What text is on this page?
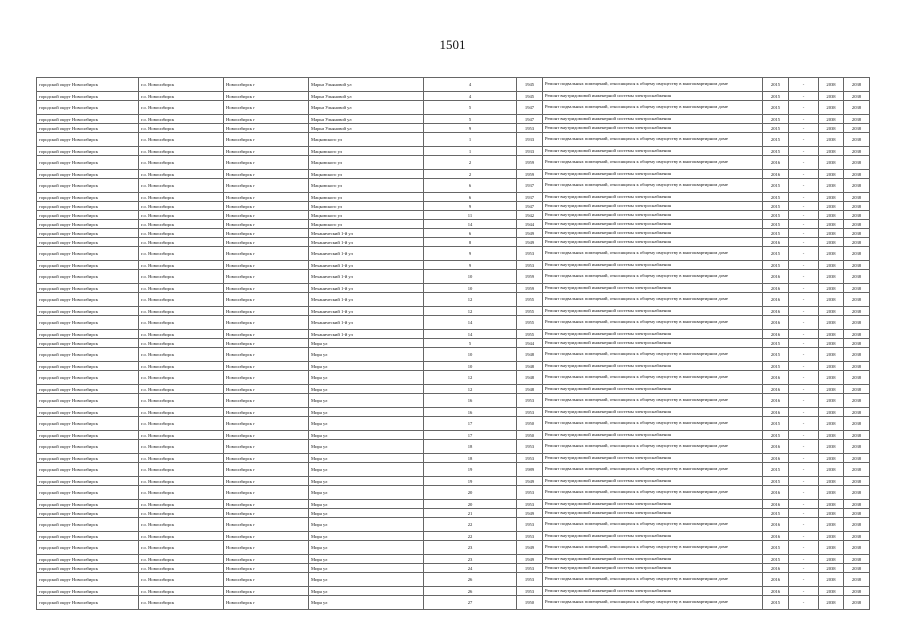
1501
городской округ Новосибирск	г.о. Новосибирск	Новосибирск г	Марьи Ульяновой ул	4	1945	Ремонт подвальных помещений, относящихся к общему имуществу в многоквартирном доме	2015	-	2038	2038
городской округ Новосибирск	г.о. Новосибирск	Новосибирск г	Марьи Ульяновой ул	4	1945	Ремонт внутридомовой инженерной системы электроснабжения	2015	-	2038	2038
городской округ Новосибирск	г.о. Новосибирск	Новосибирск г	Марьи Ульяновой ул	5	1947	Ремонт подвальных помещений, относящихся к общему имуществу в многоквартирном доме	2015	-	2038	2038
городской округ Новосибирск	г.о. Новосибирск	Новосибирск г	Марьи Ульяновой ул	5	1947	Ремонт внутридомовой инженерной системы электроснабжения	2015	-	2038	2038
городской округ Новосибирск	г.о. Новосибирск	Новосибирск г	Марьи Ульяновой ул	9	1953	Ремонт внутридомовой инженерной системы электроснабжения	2015	-	2038	2038
городской округ Новосибирск	г.о. Новосибирск	Новосибирск г	Мацковского ул	1	1933	Ремонт подвальных помещений, относящихся к общему имуществу в многоквартирном доме	2015	-	2038	2038
городской округ Новосибирск	г.о. Новосибирск	Новосибирск г	Мацковского ул	1	1933	Ремонт внутридомовой инженерной системы электроснабжения	2015	-	2038	2038
городской округ Новосибирск	г.о. Новосибирск	Новосибирск г	Мацковского ул	2	1959	Ремонт подвальных помещений, относящихся к общему имуществу в многоквартирном доме	2016	-	2038	2038
городской округ Новосибирск	г.о. Новосибирск	Новосибирск г	Мацковского ул	2	1959	Ремонт внутридомовой инженерной системы электроснабжения	2016	-	2038	2038
городской округ Новосибирск	г.о. Новосибирск	Новосибирск г	Мацковского ул	6	1937	Ремонт подвальных помещений, относящихся к общему имуществу в многоквартирном доме	2015	-	2038	2038
городской округ Новосибирск	г.о. Новосибирск	Новосибирск г	Мацковского ул	6	1937	Ремонт внутридомовой инженерной системы электроснабжения	2015	-	2038	2038
городской округ Новосибирск	г.о. Новосибирск	Новосибирск г	Мацковского ул	9	1947	Ремонт внутридомовой инженерной системы электроснабжения	2015	-	2038	2038
городской округ Новосибирск	г.о. Новосибирск	Новосибирск г	Мацковского ул	11	1942	Ремонт внутридомовой инженерной системы электроснабжения	2015	-	2038	2038
городской округ Новосибирск	г.о. Новосибирск	Новосибирск г	Мацковского ул	14	1944	Ремонт внутридомовой инженерной системы электроснабжения	2015	-	2038	2038
городской округ Новосибирск	г.о. Новосибирск	Новосибирск г	Механический 1-й ул	6	1949	Ремонт внутридомовой инженерной системы электроснабжения	2015	-	2038	2038
городской округ Новосибирск	г.о. Новосибирск	Новосибирск г	Механический 1-й ул	8	1949	Ремонт внутридомовой инженерной системы электроснабжения	2016	-	2038	2038
городской округ Новосибирск	г.о. Новосибирск	Новосибирск г	Механический 1-й ул	9	1953	Ремонт подвальных помещений, относящихся к общему имуществу в многоквартирном доме	2015	-	2038	2038
городской округ Новосибирск	г.о. Новосибирск	Новосибирск г	Механический 1-й ул	9	1953	Ремонт внутридомовой инженерной системы электроснабжения	2015	-	2038	2038
городской округ Новосибирск	г.о. Новосибирск	Новосибирск г	Механический 1-й ул	10	1959	Ремонт подвальных помещений, относящихся к общему имуществу в многоквартирном доме	2016	-	2038	2038
городской округ Новосибирск	г.о. Новосибирск	Новосибирск г	Механический 1-й ул	10	1959	Ремонт внутридомовой инженерной системы электроснабжения	2016	-	2038	2038
городской округ Новосибирск	г.о. Новосибирск	Новосибирск г	Механический 1-й ул	12	1955	Ремонт подвальных помещений, относящихся к общему имуществу в многоквартирном доме	2016	-	2038	2038
городской округ Новосибирск	г.о. Новосибирск	Новосибирск г	Механический 1-й ул	12	1955	Ремонт внутридомовой инженерной системы электроснабжения	2016	-	2038	2038
городской округ Новосибирск	г.о. Новосибирск	Новосибирск г	Механический 1-й ул	14	1955	Ремонт подвальных помещений, относящихся к общему имуществу в многоквартирном доме	2016	-	2038	2038
городской округ Новосибирск	г.о. Новосибирск	Новосибирск г	Механический 1-й ул	14	1955	Ремонт внутридомовой инженерной системы электроснабжения	2016	-	2038	2038
городской округ Новосибирск	г.о. Новосибирск	Новосибирск г	Мира ул	5	1944	Ремонт внутридомовой инженерной системы электроснабжения	2015	-	2038	2038
городской округ Новосибирск	г.о. Новосибирск	Новосибирск г	Мира ул	10	1948	Ремонт подвальных помещений, относящихся к общему имуществу в многоквартирном доме	2015	-	2038	2038
городской округ Новосибирск	г.о. Новосибирск	Новосибирск г	Мира ул	10	1948	Ремонт внутридомовой инженерной системы электроснабжения	2015	-	2038	2038
городской округ Новосибирск	г.о. Новосибирск	Новосибирск г	Мира ул	12	1948	Ремонт подвальных помещений, относящихся к общему имуществу в многоквартирном доме	2016	-	2038	2038
городской округ Новосибирск	г.о. Новосибирск	Новосибирск г	Мира ул	12	1948	Ремонт внутридомовой инженерной системы электроснабжения	2016	-	2038	2038
городской округ Новосибирск	г.о. Новосибирск	Новосибирск г	Мира ул	16	1953	Ремонт подвальных помещений, относящихся к общему имуществу в многоквартирном доме	2016	-	2038	2038
городской округ Новосибирск	г.о. Новосибирск	Новосибирск г	Мира ул	16	1953	Ремонт внутридомовой инженерной системы электроснабжения	2016	-	2038	2038
городской округ Новосибирск	г.о. Новосибирск	Новосибирск г	Мира ул	17	1950	Ремонт подвальных помещений, относящихся к общему имуществу в многоквартирном доме	2015	-	2038	2038
городской округ Новосибирск	г.о. Новосибирск	Новосибирск г	Мира ул	17	1950	Ремонт внутридомовой инженерной системы электроснабжения	2015	-	2038	2038
городской округ Новосибирск	г.о. Новосибирск	Новосибирск г	Мира ул	18	1953	Ремонт подвальных помещений, относящихся к общему имуществу в многоквартирном доме	2016	-	2038	2038
городской округ Новосибирск	г.о. Новосибирск	Новосибирск г	Мира ул	18	1953	Ремонт внутридомовой инженерной системы электроснабжения	2016	-	2038	2038
городской округ Новосибирск	г.о. Новосибирск	Новосибирск г	Мира ул	19	1989	Ремонт подвальных помещений, относящихся к общему имуществу в многоквартирном доме	2015	-	2038	2038
городской округ Новосибирск	г.о. Новосибирск	Новосибирск г	Мира ул	19	1949	Ремонт внутридомовой инженерной системы электроснабжения	2015	-	2038	2038
городской округ Новосибирск	г.о. Новосибирск	Новосибирск г	Мира ул	20	1953	Ремонт подвальных помещений, относящихся к общему имуществу в многоквартирном доме	2016	-	2038	2038
городской округ Новосибирск	г.о. Новосибирск	Новосибирск г	Мира ул	20	1953	Ремонт внутридомовой инженерной системы электроснабжения	2016	-	2038	2038
городской округ Новосибирск	г.о. Новосибирск	Новосибирск г	Мира ул	21	1949	Ремонт внутридомовой инженерной системы электроснабжения	2015	-	2038	2038
городской округ Новосибирск	г.о. Новосибирск	Новосибирск г	Мира ул	22	1953	Ремонт подвальных помещений, относящихся к общему имуществу в многоквартирном доме	2016	-	2038	2038
городской округ Новосибирск	г.о. Новосибирск	Новосибирск г	Мира ул	22	1953	Ремонт внутридомовой инженерной системы электроснабжения	2016	-	2038	2038
городской округ Новосибирск	г.о. Новосибирск	Новосибирск г	Мира ул	23	1949	Ремонт подвальных помещений, относящихся к общему имуществу в многоквартирном доме	2015	-	2038	2038
городской округ Новосибирск	г.о. Новосибирск	Новосибирск г	Мира ул	23	1949	Ремонт внутридомовой инженерной системы электроснабжения	2015	-	2038	2038
городской округ Новосибирск	г.о. Новосибирск	Новосибирск г	Мира ул	24	1953	Ремонт внутридомовой инженерной системы электроснабжения	2016	-	2038	2038
городской округ Новосибирск	г.о. Новосибирск	Новосибирск г	Мира ул	26	1953	Ремонт подвальных помещений, относящихся к общему имуществу в многоквартирном доме	2016	-	2038	2038
городской округ Новосибирск	г.о. Новосибирск	Новосибирск г	Мира ул	26	1953	Ремонт внутридомовой инженерной системы электроснабжения	2016	-	2038	2038
городской округ Новосибирск	г.о. Новосибирск	Новосибирск г	Мира ул	27	1950	Ремонт подвальных помещений, относящихся к общему имуществу в многоквартирном доме	2015	-	2038	2038
